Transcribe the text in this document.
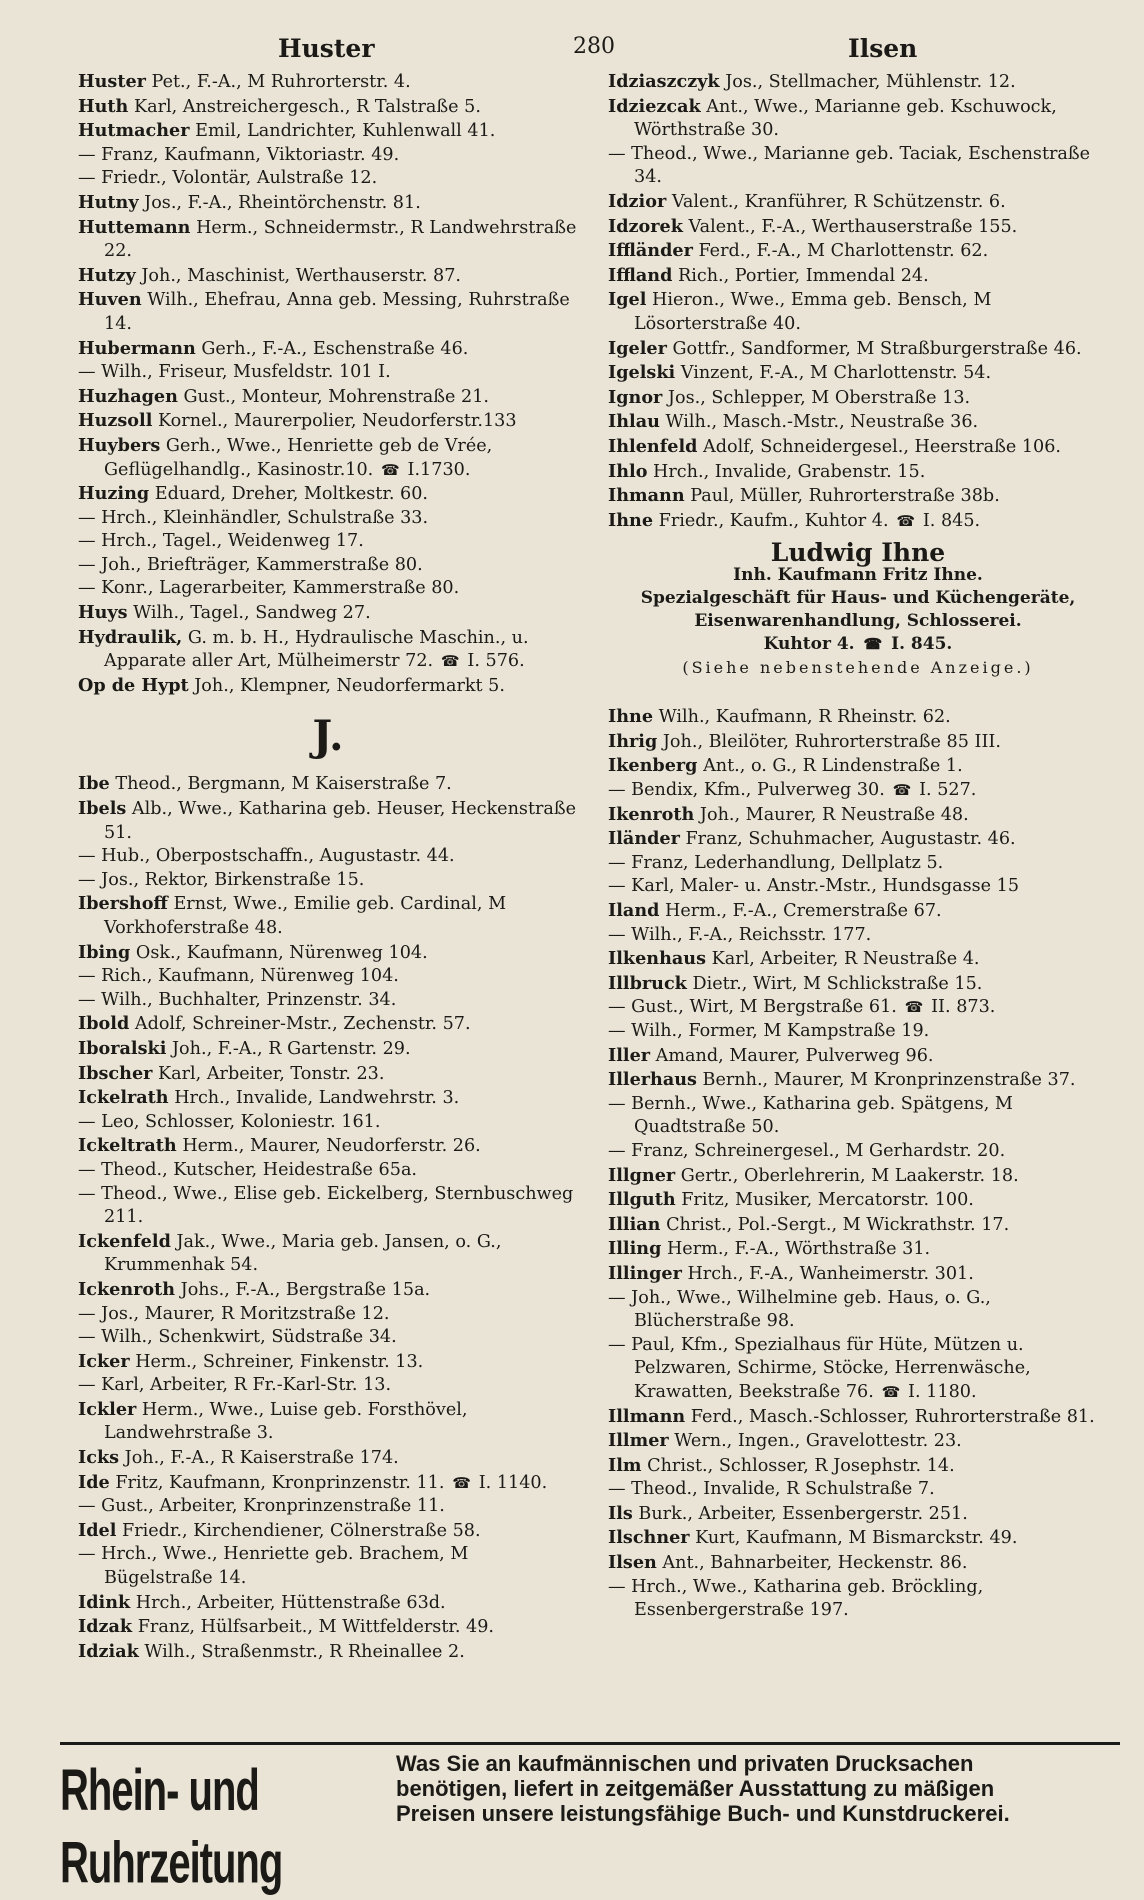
Huster	280	Ilsen
Huster Pet., F.-A., M Ruhrorterstr. 4.
Huth Karl, Anstreichergesch., R Talstraße 5.
Hutmacher Emil, Landrichter, Kuhlenwall 41.
— Franz, Kaufmann, Viktoriastr. 49.
— Friedr., Volontär, Aulstraße 12.
Hutny Jos., F.-A., Rheintörchenstr. 81.
Huttemann Herm., Schneidermstr., R Landwehrstraße 22.
Hutzy Joh., Maschinist, Werthauserstr. 87.
Huven Wilh., Ehefrau, Anna geb. Messing, Ruhrstraße 14.
Hubermann Gerh., F.-A., Eschenstraße 46.
— Wilh., Friseur, Musfeldstr. 101 I.
Huzhagen Gust., Monteur, Mohrenstraße 21.
Huzsoll Kornel., Maurerpolier, Neudorferstr.133
Huybers Gerh., Wwe., Henriette geb de Vrée, Geflügelhandlg., Kasinostr.10. ☎ I.1730.
Huzing Eduard, Dreher, Moltkestr. 60.
— Hrch., Kleinhändler, Schulstraße 33.
— Hrch., Tagel., Weidenweg 17.
— Joh., Briefträger, Kammerstraße 80.
— Konr., Lagerarbeiter, Kammerstraße 80.
Huys Wilh., Tagel., Sandweg 27.
Hydraulik, G. m. b. H., Hydraulische Maschin., u. Apparate aller Art, Mülheimerstr 72. ☎ I. 576.
Op de Hypt Joh., Klempner, Neudorfermarkt 5.
J.
Ibe Theod., Bergmann, M Kaiserstraße 7.
Ibels Alb., Wwe., Katharina geb. Heuser, Heckenstraße 51.
— Hub., Oberpostschaffn., Augustastr. 44.
— Jos., Rektor, Birkenstraße 15.
Ibershoff Ernst, Wwe., Emilie geb. Cardinal, M Vorkhoferstraße 48.
Ibing Osk., Kaufmann, Nürenweg 104.
— Rich., Kaufmann, Nürenweg 104.
— Wilh., Buchhalter, Prinzenstr. 34.
Ibold Adolf, Schreiner-Mstr., Zechenstr. 57.
Iboralski Joh., F.-A., R Gartenstr. 29.
Ibscher Karl, Arbeiter, Tonstr. 23.
Ickelrath Hrch., Invalide, Landwehrstr. 3.
— Leo, Schlosser, Koloniestr. 161.
Ickeltrath Herm., Maurer, Neudorferstr. 26.
— Theod., Kutscher, Heidestraße 65a.
— Theod., Wwe., Elise geb. Eickelberg, Sternbuschweg 211.
Ickenfeld Jak., Wwe., Maria geb. Jansen, o. G., Krummenhak 54.
Ickenroth Johs., F.-A., Bergstraße 15a.
— Jos., Maurer, R Moritzstraße 12.
— Wilh., Schenkwirt, Südstraße 34.
Icker Herm., Schreiner, Finkenstr. 13.
— Karl, Arbeiter, R Fr.-Karl-Str. 13.
Ickler Herm., Wwe., Luise geb. Forsthövel, Landwehrstraße 3.
Icks Joh., F.-A., R Kaiserstraße 174.
Ide Fritz, Kaufmann, Kronprinzenstr. 11. ☎ I. 1140.
— Gust., Arbeiter, Kronprinzenstraße 11.
Idel Friedr., Kirchendiener, Cölnerstraße 58.
— Hrch., Wwe., Henriette geb. Brachem, M Bügelstraße 14.
Idink Hrch., Arbeiter, Hüttenstraße 63d.
Idzak Franz, Hülfsarbeit., M Wittfelderstr. 49.
Idziak Wilh., Straßenmstr., R Rheinallee 2.
Idziaszczyk Jos., Stellmacher, Mühlenstr. 12.
Idziezcak Ant., Wwe., Marianne geb. Kschuwock, Wörthstraße 30.
— Theod., Wwe., Marianne geb. Taciak, Eschenstraße 34.
Idzior Valent., Kranführer, R Schützenstr. 6.
Idzorek Valent., F.-A., Werthauserstraße 155.
Iffländer Ferd., F.-A., M Charlottenstr. 62.
Iffland Rich., Portier, Immendal 24.
Igel Hieron., Wwe., Emma geb. Bensch, M Lösorterstraße 40.
Igeler Gottfr., Sandformer, M Straßburgerstraße 46.
Igelski Vinzent, F.-A., M Charlottenstr. 54.
Ignor Jos., Schlepper, M Oberstraße 13.
Ihlau Wilh., Masch.-Mstr., Neustraße 36.
Ihlenfeld Adolf, Schneidergesel., Heerstraße 106.
Ihlo Hrch., Invalide, Grabenstr. 15.
Ihmann Paul, Müller, Ruhrorterstraße 38b.
Ihne Friedr., Kaufm., Kuhtor 4. ☎ I. 845.
Ludwig Ihne
Inh. Kaufmann Fritz Ihne.
Spezialgeschäft für Haus- und Küchengeräte,
Eisenwarenhandlung, Schlosserei.
Kuhtor 4. ☎ I. 845.
(Siehe nebenstehende Anzeige.)
Ihne Wilh., Kaufmann, R Rheinstr. 62.
Ihrig Joh., Bleilöter, Ruhrorterstraße 85 III.
Ikenberg Ant., o. G., R Lindenstraße 1.
— Bendix, Kfm., Pulverweg 30. ☎ I. 527.
Ikenroth Joh., Maurer, R Neustraße 48.
Iländer Franz, Schuhmacher, Augustastr. 46.
— Franz, Lederhandlung, Dellplatz 5.
— Karl, Maler- u. Anstr.-Mstr., Hundsgasse 15
Iland Herm., F.-A., Cremerstraße 67.
— Wilh., F.-A., Reichsstr. 177.
Ilkenhaus Karl, Arbeiter, R Neustraße 4.
Illbruck Dietr., Wirt, M Schlickstraße 15.
— Gust., Wirt, M Bergstraße 61. ☎ II. 873.
— Wilh., Former, M Kampstraße 19.
Iller Amand, Maurer, Pulverweg 96.
Illerhaus Bernh., Maurer, M Kronprinzenstraße 37.
— Bernh., Wwe., Katharina geb. Spätgens, M Quadtstraße 50.
— Franz, Schreinergesel., M Gerhardstr. 20.
Illgner Gertr., Oberlehrerin, M Laakerstr. 18.
Illguth Fritz, Musiker, Mercatorstr. 100.
Illian Christ., Pol.-Sergt., M Wickrathstr. 17.
Illing Herm., F.-A., Wörthstraße 31.
Illinger Hrch., F.-A., Wanheimerstr. 301.
— Joh., Wwe., Wilhelmine geb. Haus, o. G., Blücherstraße 98.
— Paul, Kfm., Spezialhaus für Hüte, Mützen u. Pelzwaren, Schirme, Stöcke, Herrenwäsche, Krawatten, Beekstraße 76. ☎ I. 1180.
Illmann Ferd., Masch.-Schlosser, Ruhrorterstraße 81.
Illmer Wern., Ingen., Gravelottestr. 23.
Ilm Christ., Schlosser, R Josephstr. 14.
— Theod., Invalide, R Schulstraße 7.
Ils Burk., Arbeiter, Essenbergerstr. 251.
Ilschner Kurt, Kaufmann, M Bismarckstr. 49.
Ilsen Ant., Bahnarbeiter, Heckenstr. 86.
— Hrch., Wwe., Katharina geb. Bröckling, Essenbergerstraße 197.
Rhein- und Ruhrzeitung
Was Sie an kaufmännischen und privaten Drucksachen
benötigen, liefert in zeitgemäßer Ausstattung zu mäßigen
Preisen unsere leistungsfähige Buch- und Kunstdruckerei.
